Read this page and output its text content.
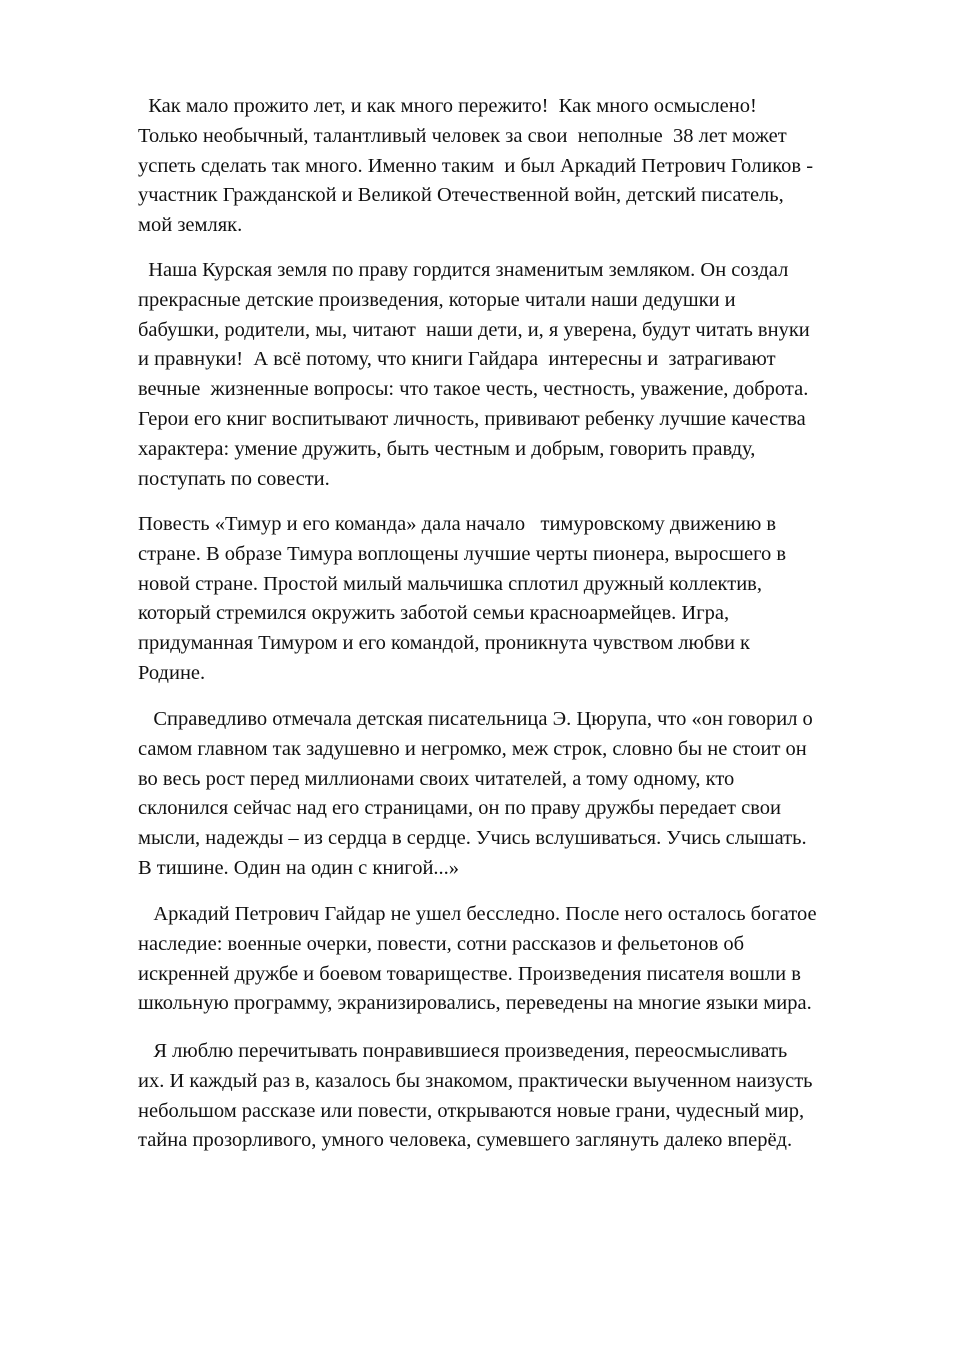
Как мало прожито лет, и как много пережито!  Как много осмыслено!
Только необычный, талантливый человек за свои  неполные  38 лет может
успеть сделать так много. Именно таким  и был Аркадий Петрович Голиков -
участник Гражданской и Великой Отечественной войн, детский писатель,
мой земляк.

Наша Курская земля по праву гордится знаменитым земляком. Он создал
прекрасные детские произведения, которые читали наши дедушки и
бабушки, родители, мы, читают  наши дети, и, я уверена, будут читать внуки
и правнуки!  А всё потому, что книги Гайдара  интересны и  затрагивают
вечные  жизненные вопросы: что такое честь, честность, уважение, доброта.
Герои его книг воспитывают личность, прививают ребенку лучшие качества
характера: умение дружить, быть честным и добрым, говорить правду,
поступать по совести.

Повесть «Тимур и его команда» дала начало   тимуровскому движению в
стране. В образе Тимура воплощены лучшие черты пионера, выросшего в
новой стране. Простой милый мальчишка сплотил дружный коллектив,
который стремился окружить заботой семьи красноармейцев. Игра,
придуманная Тимуром и его командой, проникнута чувством любви к
Родине.

Справедливо отмечала детская писательница Э. Цюрупа, что «он говорил о
самом главном так задушевно и негромко, меж строк, словно бы не стоит он
во весь рост перед миллионами своих читателей, а тому одному, кто
склонился сейчас над его страницами, он по праву дружбы передает свои
мысли, надежды – из сердца в сердце. Учись вслушиваться. Учись слышать.
В тишине. Один на один с книгой...»

Аркадий Петрович Гайдар не ушел бесследно. После него осталось богатое
наследие: военные очерки, повести, сотни рассказов и фельетонов об
искренней дружбе и боевом товариществе. Произведения писателя вошли в
школьную программу, экранизировались, переведены на многие языки мира.

Я люблю перечитывать понравившиеся произведения, переосмысливать
их. И каждый раз в, казалось бы знакомом, практически выученном наизусть
небольшом рассказе или повести, открываются новые грани, чудесный мир,
тайна прозорливого, умного человека, сумевшего заглянуть далеко вперёд.
